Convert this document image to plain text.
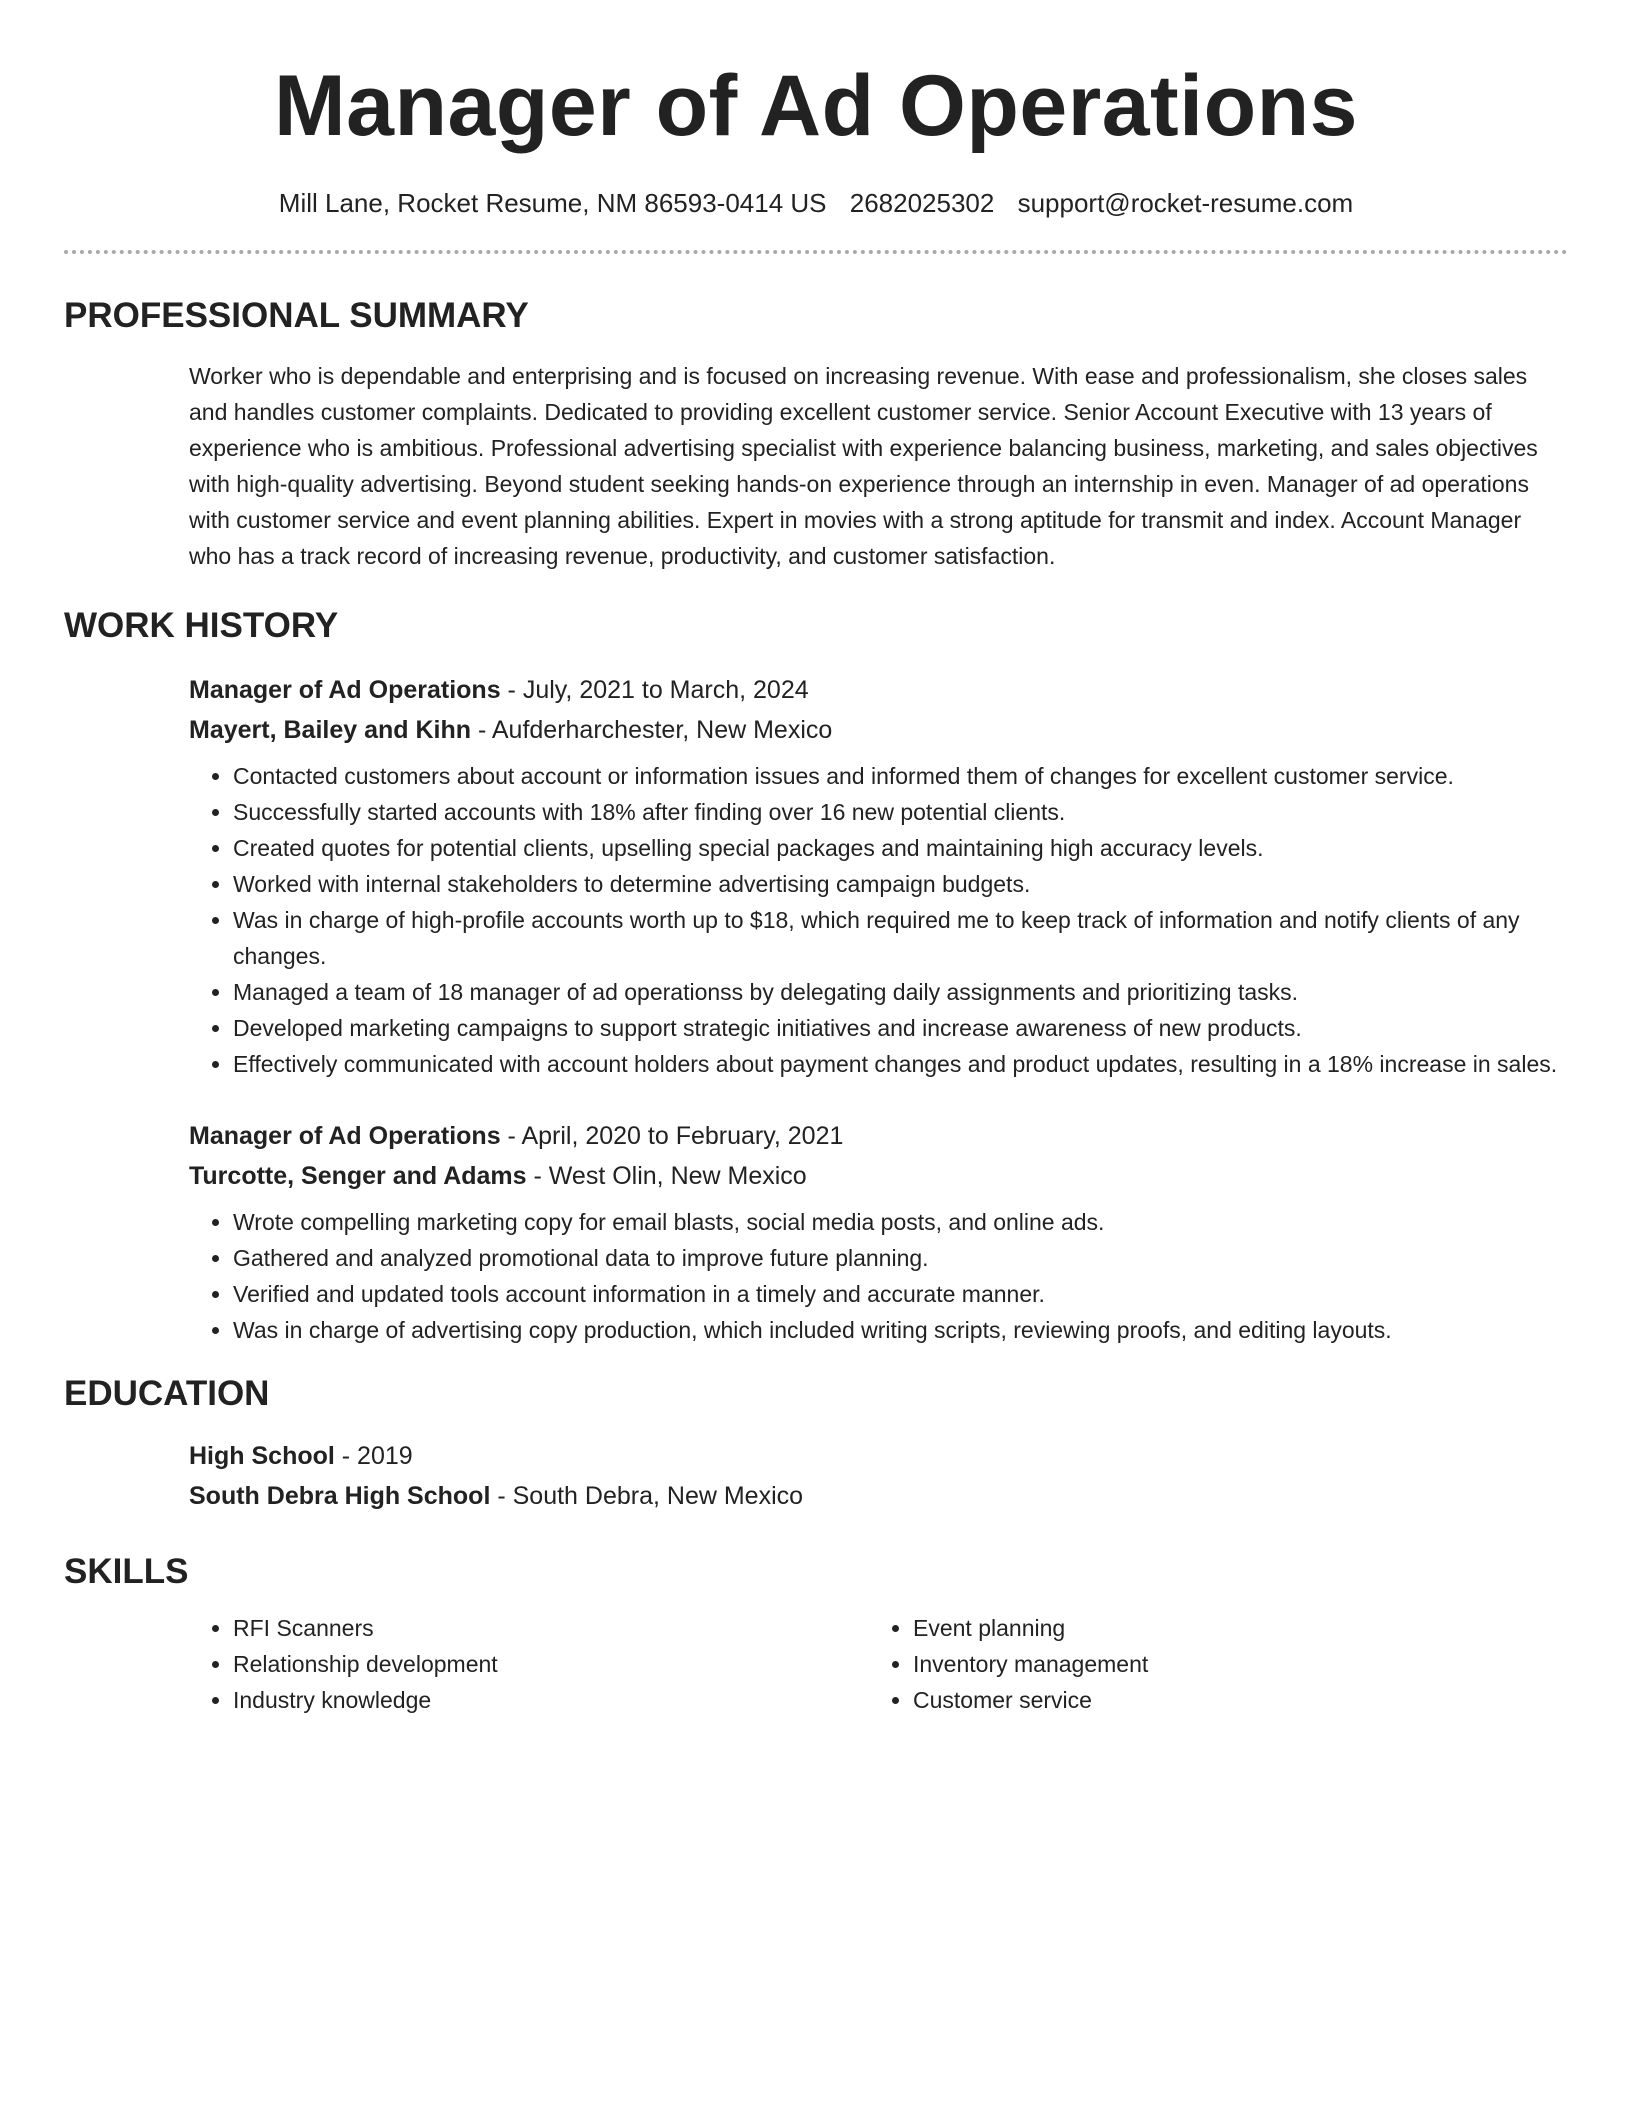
Manager of Ad Operations
Mill Lane, Rocket Resume, NM 86593-0414 US 2682025302 support@rocket-resume.com
PROFESSIONAL SUMMARY

Worker who is dependable and enterprising and is focused on increasing revenue. With ease and professionalism, she closes sales and handles customer complaints. Dedicated to providing excellent customer service. Senior Account Executive with 13 years of experience who is ambitious. Professional advertising specialist with experience balancing business, marketing, and sales objectives with high-quality advertising. Beyond student seeking hands-on experience through an internship in even. Manager of ad operations with customer service and event planning abilities. Expert in movies with a strong aptitude for transmit and index. Account Manager who has a track record of increasing revenue, productivity, and customer satisfaction.

WORK HISTORY
Manager of Ad Operations - July, 2021 to March, 2024
Mayert, Bailey and Kihn - Aufderharchester, New Mexico
• Contacted customers about account or information issues and informed them of changes for excellent customer service.
• Successfully started accounts with 18% after finding over 16 new potential clients.
• Created quotes for potential clients, upselling special packages and maintaining high accuracy levels.
• Worked with internal stakeholders to determine advertising campaign budgets.
• Was in charge of high-profile accounts worth up to $18, which required me to keep track of information and notify clients of any changes.
• Managed a team of 18 manager of ad operationss by delegating daily assignments and prioritizing tasks.
• Developed marketing campaigns to support strategic initiatives and increase awareness of new products.
• Effectively communicated with account holders about payment changes and product updates, resulting in a 18% increase in sales.
Manager of Ad Operations - April, 2020 to February, 2021
Turcotte, Senger and Adams - West Olin, New Mexico
• Wrote compelling marketing copy for email blasts, social media posts, and online ads.
• Gathered and analyzed promotional data to improve future planning.
• Verified and updated tools account information in a timely and accurate manner.
• Was in charge of advertising copy production, which included writing scripts, reviewing proofs, and editing layouts.
EDUCATION
High School - 2019
South Debra High School - South Debra, New Mexico
SKILLS
• RFI Scanners
• Relationship development
• Industry knowledge
• Event planning
• Inventory management
• Customer service
